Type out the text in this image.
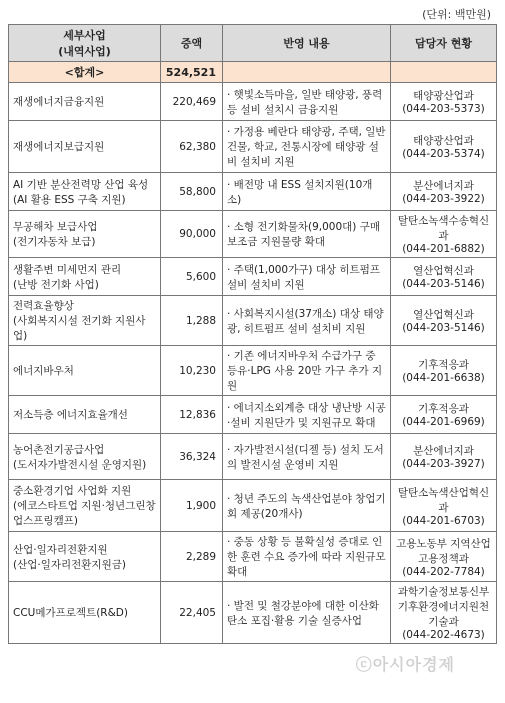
(단위: 백만원)
세부사업
(내역사업)	증액	반영 내용	담당자 현황
<합계>	524,521		

재생에너지금융지원	220,469	· 햇빛소득마을, 일반 태양광, 풍력 등 설비 설치시 금융지원	태양광산업과
(044-203-5373)

재생에너지보급지원	62,380	· 가정용 베란다 태양광, 주택, 일반건물, 학교, 전통시장에 태양광 설비 설치비 지원	태양광산업과
(044-203-5374)

AI 기반 분산전력망 산업 육성
(AI 활용 ESS 구축 지원)	58,800	· 배전망 내 ESS 설치지원(10개소)	분산에너지과
(044-203-3922)

무공해차 보급사업
(전기자동차 보급)	90,000	· 소형 전기화물차(9,000대) 구매 보조금 지원물량 확대	탈탄소녹색수송혁신과
(044-201-6882)

생활주변 미세먼지 관리
(난방 전기화 사업)	5,600	· 주택(1,000가구) 대상 히트펌프 설비 설치비 지원	열산업혁신과
(044-203-5146)

전력효율향상
(사회복지시설 전기화 지원사업)	1,288	· 사회복지시설(37개소) 대상 태양광, 히트펌프 설비 설치비 지원	열산업혁신과
(044-203-5146)

에너지바우처	10,230	· 기존 에너지바우처 수급가구 중 등유·LPG 사용 20만 가구 추가 지원	기후적응과
(044-201-6638)

저소득층 에너지효율개선	12,836	· 에너지소외계층 대상 냉난방 시공·설비 지원단가 및 지원규모 확대	기후적응과
(044-201-6969)

농어촌전기공급사업
(도서자가발전시설 운영지원)	36,324	· 자가발전시설(디젤 등) 설치 도서의 발전시설 운영비 지원	분산에너지과
(044-203-3927)

중소환경기업 사업화 지원
(에코스타트업 지원·청년그린창업스프링캠프)	1,900	· 청년 주도의 녹색산업분야 창업기회 제공(20개사)	탈탄소녹색산업혁신과
(044-201-6703)

산업·일자리전환지원
(산업·일자리전환지원금)	2,289	· 중동 상황 등 불확실성 증대로 인한 훈련 수요 증가에 따라 지원규모 확대	고용노동부 지역산업고용정책과
(044-202-7784)

CCU메가프로젝트(R&D)	22,405	· 발전 및 철강분야에 대한 이산화탄소 포집·활용 기술 실증사업	과학기술정보통신부 기후환경에너지원천기술과
(044-202-4673)
ⓒ아시아경제
